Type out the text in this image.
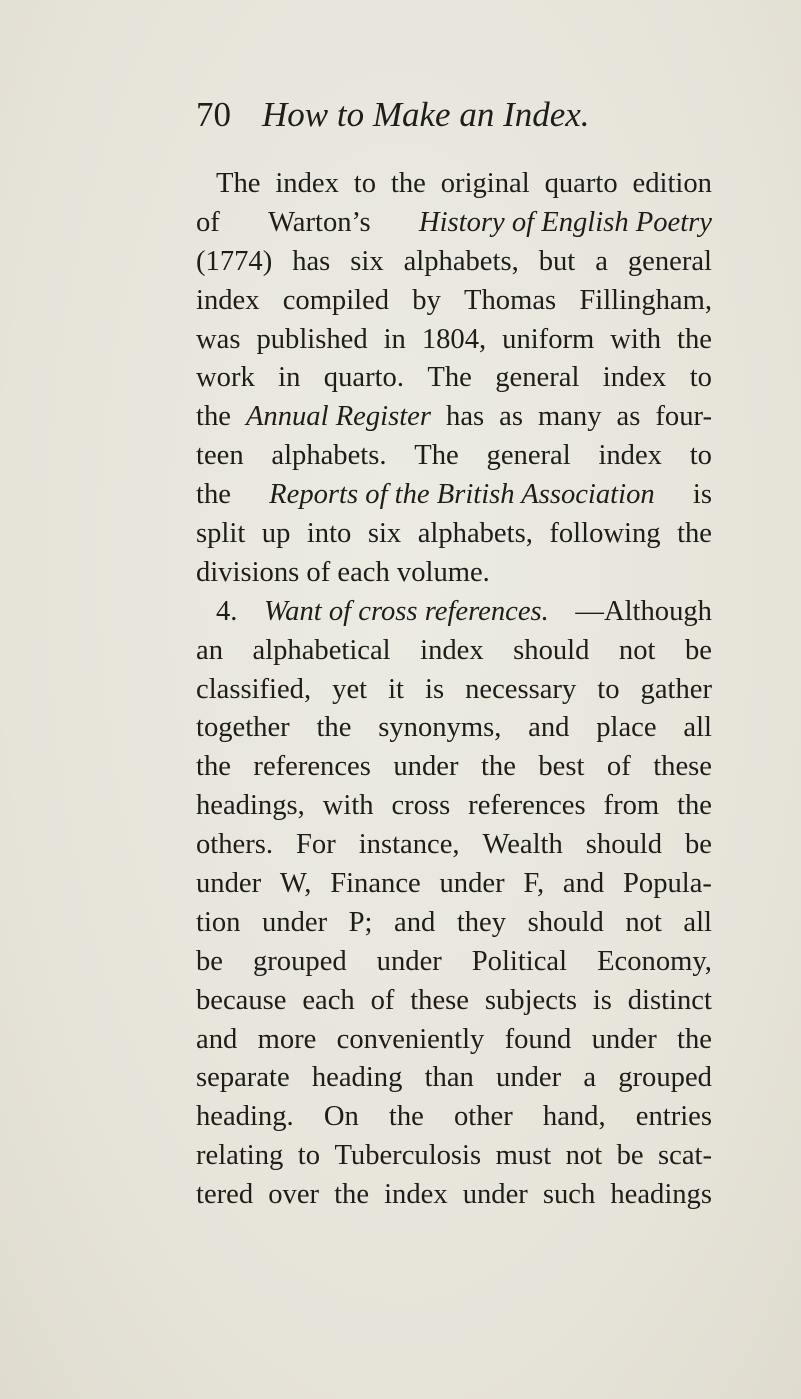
70 How to Make an Index.
The index to the original quarto edition
of Warton’s History of English Poetry
(1774) has six alphabets, but a general
index compiled by Thomas Fillingham,
was published in 1804, uniform with the
work in quarto. The general index to
the Annual Register has as many as four-
teen alphabets. The general index to
the Reports of the British Association is
split up into six alphabets, following the
divisions of each volume.
4. Want of cross references. —Although
an alphabetical index should not be
classified, yet it is necessary to gather
together the synonyms, and place all
the references under the best of these
headings, with cross references from the
others. For instance, Wealth should be
under W, Finance under F, and Popula-
tion under P; and they should not all
be grouped under Political Economy,
because each of these subjects is distinct
and more conveniently found under the
separate heading than under a grouped
heading. On the other hand, entries
relating to Tuberculosis must not be scat-
tered over the index under such headings
